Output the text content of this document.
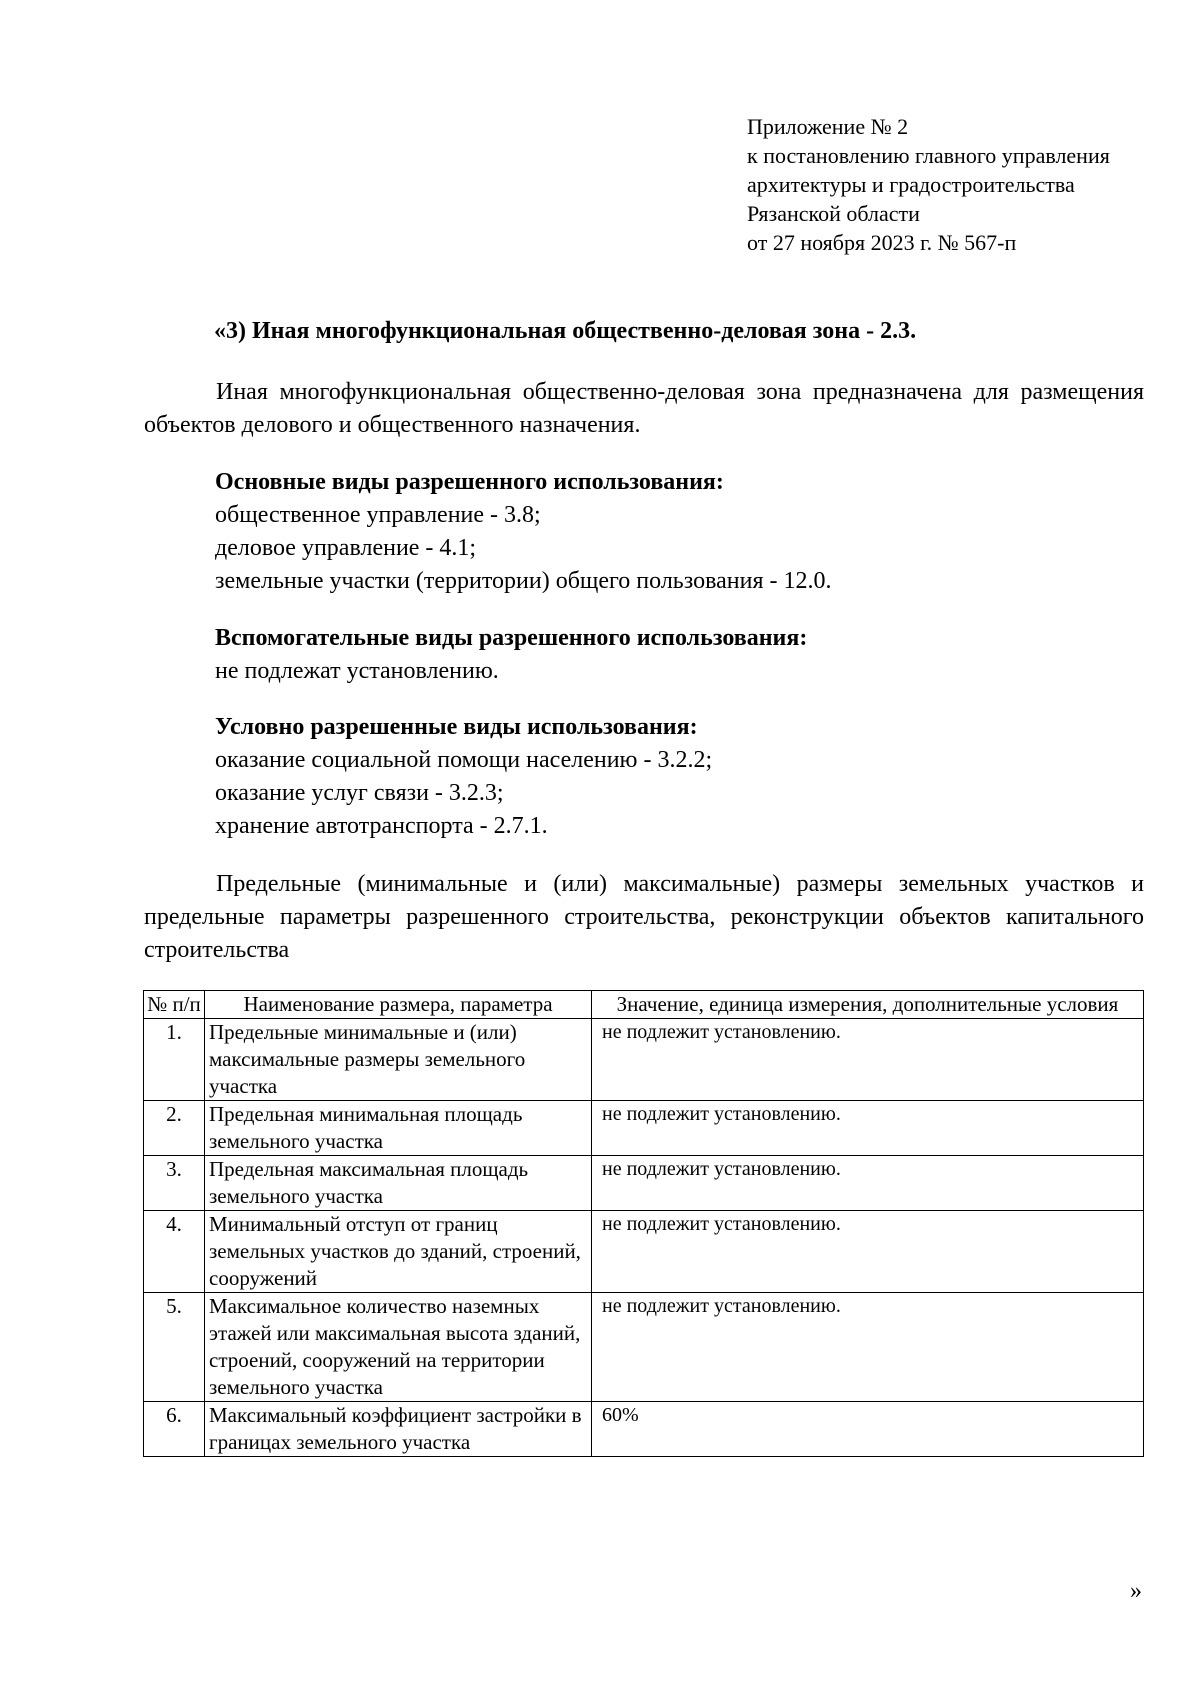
Приложение № 2
к постановлению главного управления
архитектуры и градостроительства
Рязанской области
от 27 ноября 2023 г. № 567-п
«3) Иная многофункциональная общественно-деловая зона - 2.3.
Иная многофункциональная общественно-деловая зона предназначена для размещения объектов делового и общественного назначения.
Основные виды разрешенного использования:
общественное управление - 3.8;
деловое управление - 4.1;
земельные участки (территории) общего пользования - 12.0.
Вспомогательные виды разрешенного использования:
не подлежат установлению.
Условно разрешенные виды использования:
оказание социальной помощи населению - 3.2.2;
оказание услуг связи - 3.2.3;
хранение автотранспорта - 2.7.1.
Предельные (минимальные и (или) максимальные) размеры земельных участков и предельные параметры разрешенного строительства, реконструкции объектов капитального строительства
№ п/п	Наименование размера, параметра	Значение, единица измерения, дополнительные условия
1.	Предельные минимальные и (или) максимальные размеры земельного участка	не подлежит установлению.
2.	Предельная минимальная площадь земельного участка	не подлежит установлению.
3.	Предельная максимальная площадь земельного участка	не подлежит установлению.
4.	Минимальный отступ от границ земельных участков до зданий, строений, сооружений	не подлежит установлению.
5.	Максимальное количество наземных этажей или максимальная высота зданий, строений, сооружений на территории земельного участка	не подлежит установлению.
6.	Максимальный коэффициент застройки в границах земельного участка	60%
»
